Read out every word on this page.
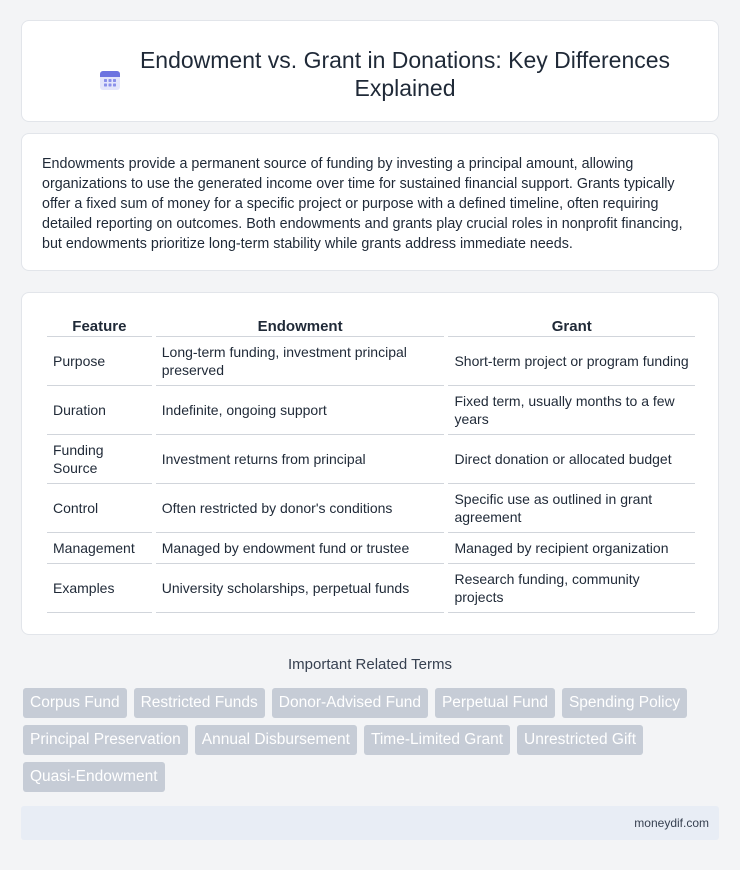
Endowment vs. Grant in Donations: Key Differences Explained

Endowments provide a permanent source of funding by investing a principal amount, allowing organizations to use the generated income over time for sustained financial support. Grants typically offer a fixed sum of money for a specific project or purpose with a defined timeline, often requiring detailed reporting on outcomes. Both endowments and grants play crucial roles in nonprofit financing, but endowments prioritize long-term stability while grants address immediate needs.

Feature	Endowment	Grant
Purpose	Long-term funding, investment principal preserved	Short-term project or program funding
Duration	Indefinite, ongoing support	Fixed term, usually months to a few years
Funding Source	Investment returns from principal	Direct donation or allocated budget
Control	Often restricted by donor's conditions	Specific use as outlined in grant agreement
Management	Managed by endowment fund or trustee	Managed by recipient organization
Examples	University scholarships, perpetual funds	Research funding, community projects
Important Related Terms
Corpus Fund	Restricted Funds	Donor-Advised Fund	Perpetual Fund	Spending Policy
Principal Preservation	Annual Disbursement	Time-Limited Grant	Unrestricted Gift
Quasi-Endowment
moneydif.com
